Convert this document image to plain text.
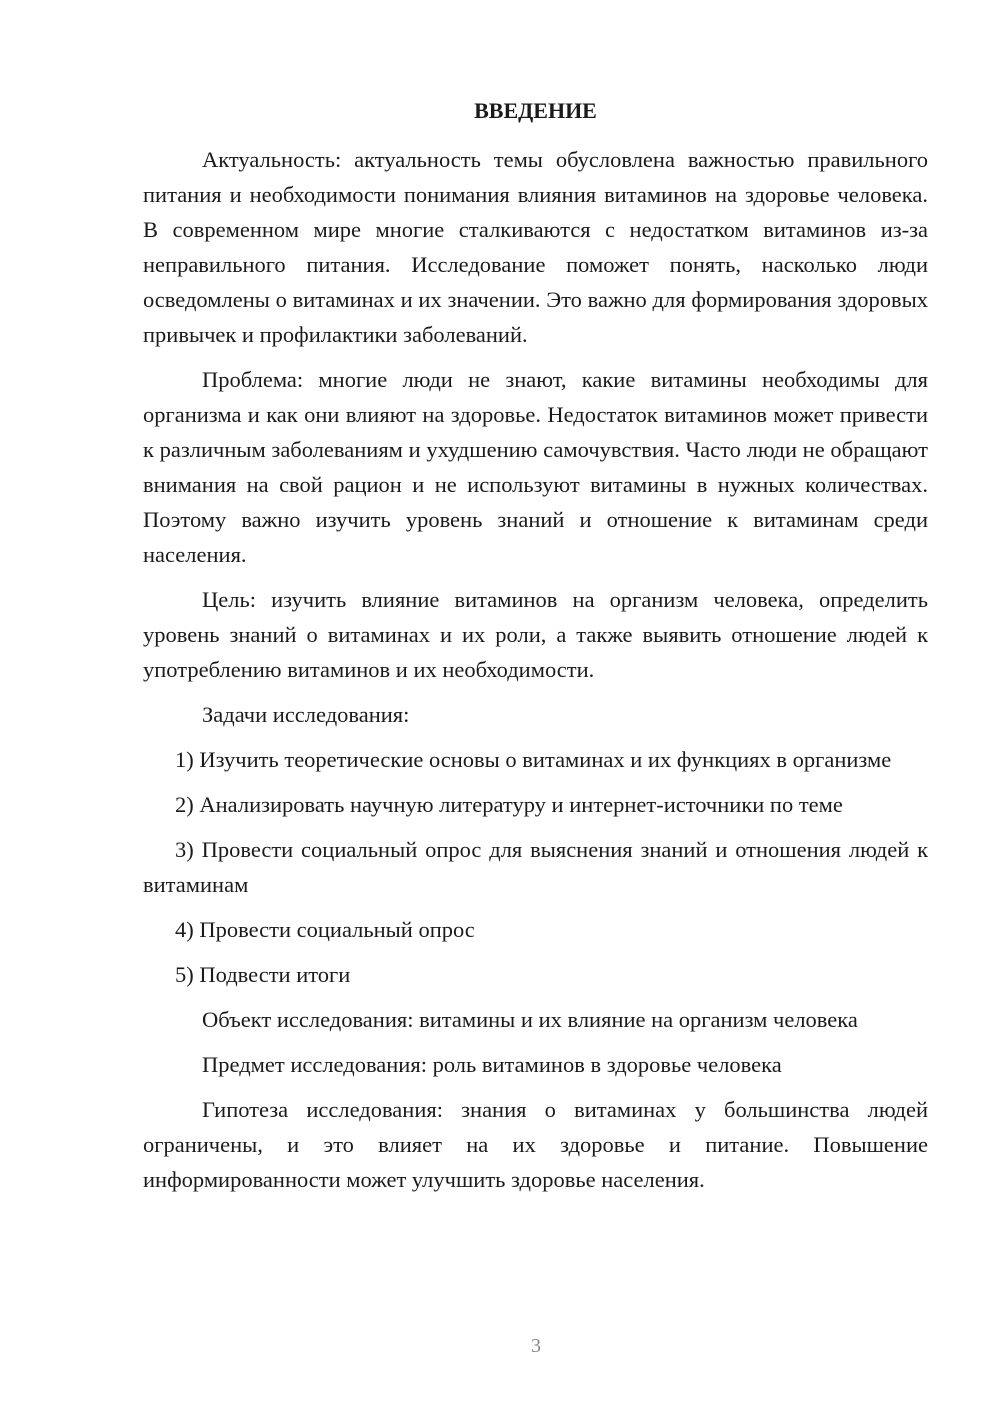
ВВЕДЕНИЕ

Актуальность: актуальность темы обусловлена важностью правильного питания и необходимости понимания влияния витаминов на здоровье человека. В современном мире многие сталкиваются с недостатком витаминов из-за неправильного питания. Исследование поможет понять, насколько люди осведомлены о витаминах и их значении. Это важно для формирования здоровых привычек и профилактики заболеваний.

Проблема: многие люди не знают, какие витамины необходимы для организма и как они влияют на здоровье. Недостаток витаминов может привести к различным заболеваниям и ухудшению самочувствия. Часто люди не обращают внимания на свой рацион и не используют витамины в нужных количествах. Поэтому важно изучить уровень знаний и отношение к витаминам среди населения.

Цель: изучить влияние витаминов на организм человека, определить уровень знаний о витаминах и их роли, а также выявить отношение людей к употреблению витаминов и их необходимости.

Задачи исследования:

1) Изучить теоретические основы о витаминах и их функциях в организме

2) Анализировать научную литературу и интернет-источники по теме

3) Провести социальный опрос для выяснения знаний и отношения людей к витаминам

4) Провести социальный опрос

5) Подвести итоги

Объект исследования: витамины и их влияние на организм человека

Предмет исследования: роль витаминов в здоровье человека

Гипотеза исследования: знания о витаминах у большинства людей ограничены, и это влияет на их здоровье и питание. Повышение информированности может улучшить здоровье населения.

3
